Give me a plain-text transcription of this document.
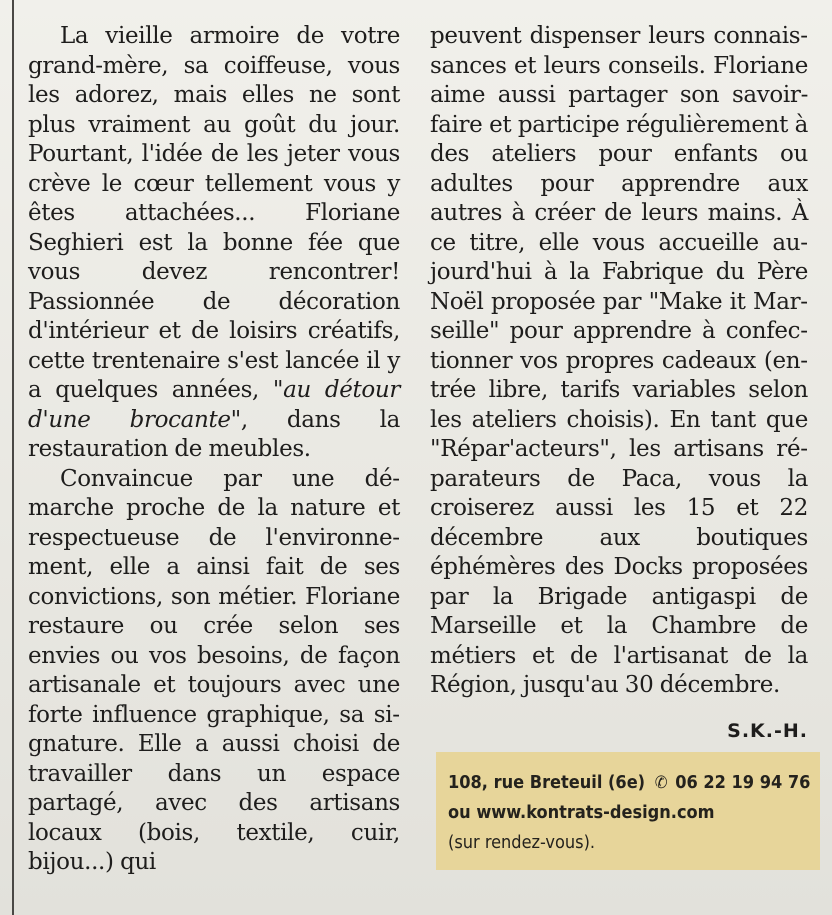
La vieille armoire de votre grand-mère, sa coiffeuse, vous les adorez, mais elles ne sont plus vraiment au goût du jour. Pourtant, l'idée de les jeter vous crève le cœur tellement vous y êtes attachées... Floriane Seghieri est la bonne fée que vous devez rencontrer! Passionnée de décoration d'intérieur et de loisirs créatifs, cette trentenaire s'est lancée il y a quelques années, "au détour d'une brocante", dans la restauration de meubles.

Convaincue par une démarche proche de la nature et respectueuse de l'environnement, elle a ainsi fait de ses convictions, son métier. Floriane restaure ou crée selon ses envies ou vos besoins, de façon artisanale et toujours avec une forte influence graphique, sa signature. Elle a aussi choisi de travailler dans un espace partagé, avec des artisans locaux (bois, textile, cuir, bijou...) qui

peuvent dispenser leurs connaissances et leurs conseils. Floriane aime aussi partager son savoir-faire et participe régulièrement à des ateliers pour enfants ou adultes pour apprendre aux autres à créer de leurs mains. À ce titre, elle vous accueille aujourd'hui à la Fabrique du Père Noël proposée par "Make it Marseille" pour apprendre à confectionner vos propres cadeaux (entrée libre, tarifs variables selon les ateliers choisis). En tant que "Répar'acteurs", les artisans réparateurs de Paca, vous la croiserez aussi les 15 et 22 décembre aux boutiques éphémères des Docks proposées par la Brigade antigaspi de Marseille et la Chambre de métiers et de l'artisanat de la Région, jusqu'au 30 décembre.

S.K.-H.
108, rue Breteuil (6e) ✆ 06 22 19 94 76
ou www.kontrats-design.com
(sur rendez-vous).
